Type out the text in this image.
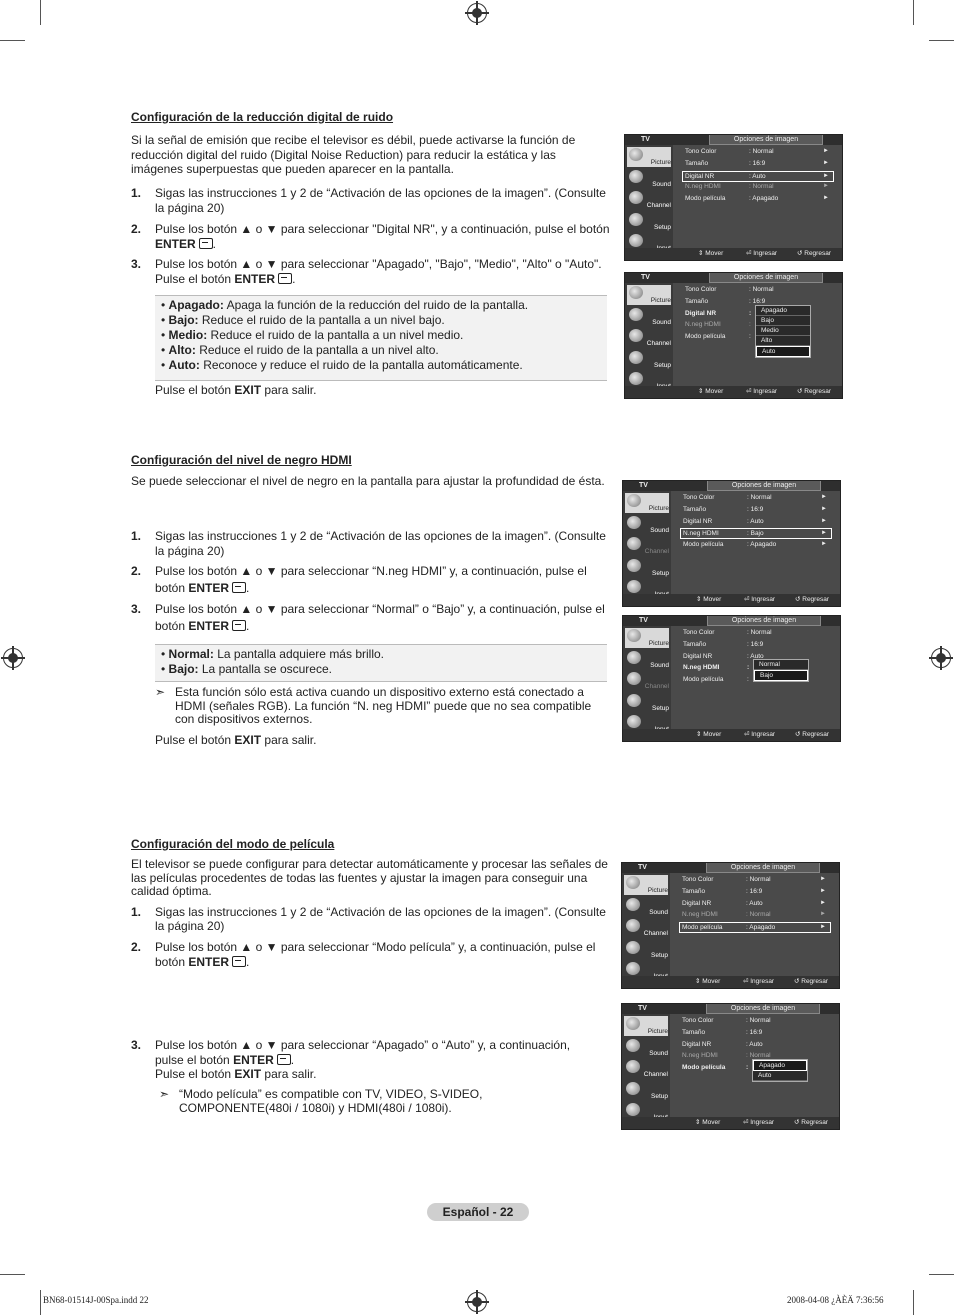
Configuración de la reducción digital de ruido
Si la señal de emisión que recibe el televisor es débil, puede activarse la función de reducción digital del ruido (Digital Noise Reduction) para reducir la estática y las imágenes superpuestas que pueden aparecer en la pantalla.
1. Sigas las instrucciones 1 y 2 de “Activación de las opciones de la imagen”. (Consulte la página 20)
2. Pulse los botón ▲ o ▼ para seleccionar "Digital NR", y a continuación, pulse el botón ENTER .
3. Pulse los botón ▲ o ▼ para seleccionar "Apagado", "Bajo", "Medio", "Alto" o "Auto". Pulse el botón ENTER .
• Apagado: Apaga la función de la reducción del ruido de la pantalla.
• Bajo: Reduce el ruido de la pantalla a un nivel bajo.
• Medio: Reduce el ruido de la pantalla a un nivel medio.
• Alto: Reduce el ruido de la pantalla a un nivel alto.
• Auto: Reconoce y reduce el ruido de la pantalla automáticamente.
Pulse el botón EXIT para salir.
Configuración del nivel de negro HDMI
Se puede seleccionar el nivel de negro en la pantalla para ajustar la profundidad de ésta.
1. Sigas las instrucciones 1 y 2 de “Activación de las opciones de la imagen”. (Consulte la página 20)
2. Pulse los botón ▲ o ▼ para seleccionar “N.neg HDMI” y, a continuación, pulse el botón ENTER .
3. Pulse los botón ▲ o ▼ para seleccionar “Normal” o “Bajo” y, a continuación, pulse el botón ENTER .
• Normal: La pantalla adquiere más brillo.
• Bajo: La pantalla se oscurece.
➣ Esta función sólo está activa cuando un dispositivo externo está conectado a HDMI (señales RGB). La función “N. neg HDMI” puede que no sea compatible con dispositivos externos.
Pulse el botón EXIT para salir.
Configuración del modo de película
El televisor se puede configurar para detectar automáticamente y procesar las señales de las películas procedentes de todas las fuentes y ajustar la imagen para conseguir una calidad óptima.
1. Sigas las instrucciones 1 y 2 de “Activación de las opciones de la imagen”. (Consulte la página 20)
2. Pulse los botón ▲ o ▼ para seleccionar “Modo película” y, a continuación, pulse el botón ENTER .
3. Pulse los botón ▲ o ▼ para seleccionar “Apagado” o “Auto” y, a continuación, pulse el botón ENTER .
Pulse el botón EXIT para salir.
➣ “Modo película” es compatible con TV, VIDEO, S-VIDEO, COMPONENTE(480i / 1080i) y HDMI(480i / 1080i).
TV	Opciones de imagen
Picture
Sound
Channel
Setup
Tono Color	: Normal	►
Tamaño	: 16:9	►
Digital NR	: Auto	►
N.neg HDMI	: Normal	►
Modo película	: Apagado	►
⇕ Mover	⏎ Ingresar	↺ Regresar
TV	Opciones de imagen
Picture
Sound
Channel
Setup
Tono Color	: Normal
Tamaño	: 16:9
Digital NR	:
N.neg HDMI	:
Modo película	:
Apagado
Bajo
Medio
Alto
Auto
⇕ Mover	⏎ Ingresar	↺ Regresar
TV	Opciones de imagen
Picture
Sound
Channel
Setup
Tono Color	: Normal	►
Tamaño	: 16:9	►
Digital NR	: Auto	►
N.neg HDMI	: Bajo	►
Modo película	: Apagado	►
⇕ Mover	⏎ Ingresar	↺ Regresar
TV	Opciones de imagen
Picture
Sound
Channel
Setup
Tono Color	: Normal
Tamaño	: 16:9
Digital NR	: Auto
N.neg HDMI	:
Modo película	:
Normal
Bajo
⇕ Mover	⏎ Ingresar	↺ Regresar
TV	Opciones de imagen
Picture
Sound
Channel
Setup
Tono Color	: Normal	►
Tamaño	: 16:9	►
Digital NR	: Auto	►
N.neg HDMI	: Normal	►
Modo película	: Apagado	►
⇕ Mover	⏎ Ingresar	↺ Regresar
TV	Opciones de imagen
Picture
Sound
Channel
Setup
Tono Color	: Normal
Tamaño	: 16:9
Digital NR	: Auto
N.neg HDMI	: Normal
Modo película	:	Apagado
Auto
⇕ Mover	⏎ Ingresar	↺ Regresar
Español - 22
BN68-01514J-00Spa.indd 22	2008-04-08 ¿ÀÈÄ 7:36:56
